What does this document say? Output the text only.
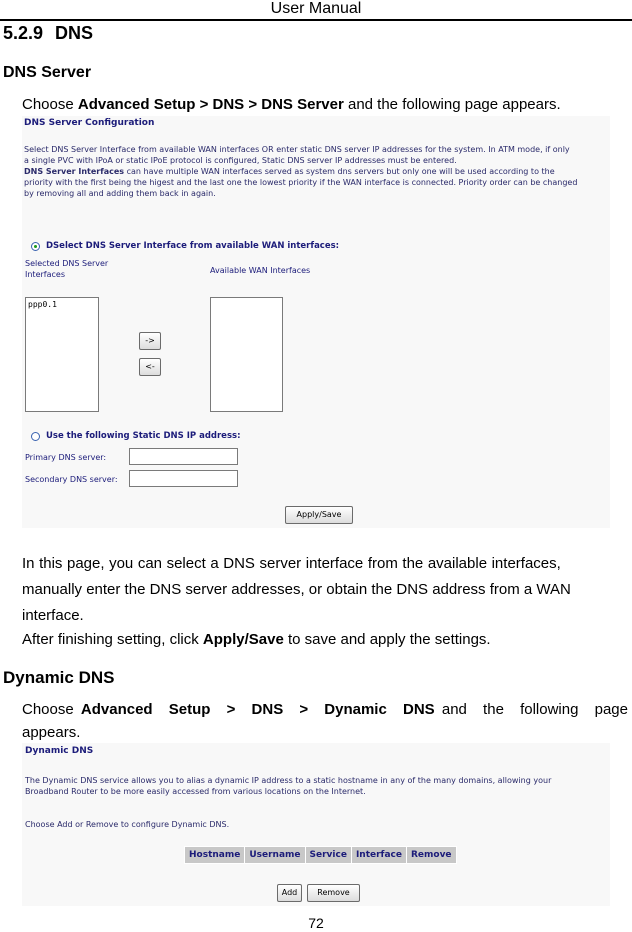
User Manual
5.2.9 DNS
DNS Server
Choose Advanced Setup > DNS > DNS Server and the following page appears.
DNS Server Configuration
Select DNS Server Interface from available WAN interfaces OR enter static DNS server IP addresses for the system. In ATM mode, if only
a single PVC with IPoA or static IPoE protocol is configured, Static DNS server IP addresses must be entered.
DNS Server Interfaces can have multiple WAN interfaces served as system dns servers but only one will be used according to the
priority with the first being the higest and the last one the lowest priority if the WAN interface is connected. Priority order can be changed
by removing all and adding them back in again.
DSelect DNS Server Interface from available WAN interfaces:
Selected DNS Server
Interfaces	Available WAN Interfaces
ppp0.1
->
<-
Use the following Static DNS IP address:
Primary DNS server:
Secondary DNS server:
Apply/Save
In this page, you can select a DNS server interface from the available interfaces,
manually enter the DNS server addresses, or obtain the DNS address from a WAN
interface.
After finishing setting, click Apply/Save to save and apply the settings.
Dynamic DNS
Choose Advanced Setup > DNS > Dynamic DNS and the following page
appears.
Dynamic DNS
The Dynamic DNS service allows you to alias a dynamic IP address to a static hostname in any of the many domains, allowing your
Broadband Router to be more easily accessed from various locations on the Internet.
Choose Add or Remove to configure Dynamic DNS.
Hostname	Username	Service	Interface	Remove
Add	Remove
72
